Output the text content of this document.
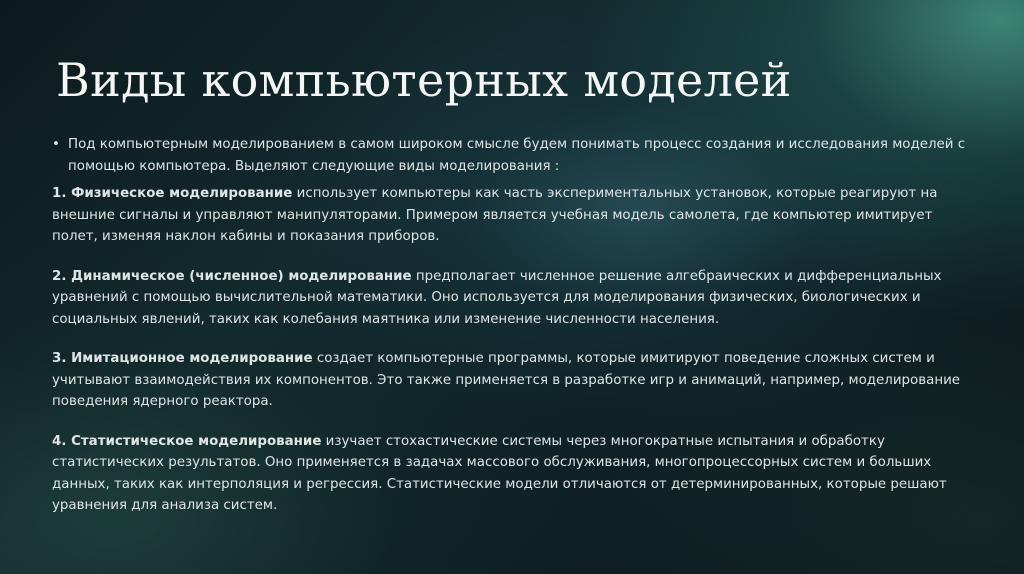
Виды компьютерных моделей

• Под компьютерным моделированием в самом широком смысле будем понимать процесс создания и исследования моделей с помощью компьютера. Выделяют следующие виды моделирования :

1. Физическое моделирование использует компьютеры как часть экспериментальных установок, которые реагируют на внешние сигналы и управляют манипуляторами. Примером является учебная модель самолета, где компьютер имитирует полет, изменяя наклон кабины и показания приборов.

2. Динамическое (численное) моделирование предполагает численное решение алгебраических и дифференциальных уравнений с помощью вычислительной математики. Оно используется для моделирования физических, биологических и социальных явлений, таких как колебания маятника или изменение численности населения.

3. Имитационное моделирование создает компьютерные программы, которые имитируют поведение сложных систем и учитывают взаимодействия их компонентов. Это также применяется в разработке игр и анимаций, например, моделирование поведения ядерного реактора.

4. Статистическое моделирование изучает стохастические системы через многократные испытания и обработку статистических результатов. Оно применяется в задачах массового обслуживания, многопроцессорных систем и больших данных, таких как интерполяция и регрессия. Статистические модели отличаются от детерминированных, которые решают уравнения для анализа систем.
